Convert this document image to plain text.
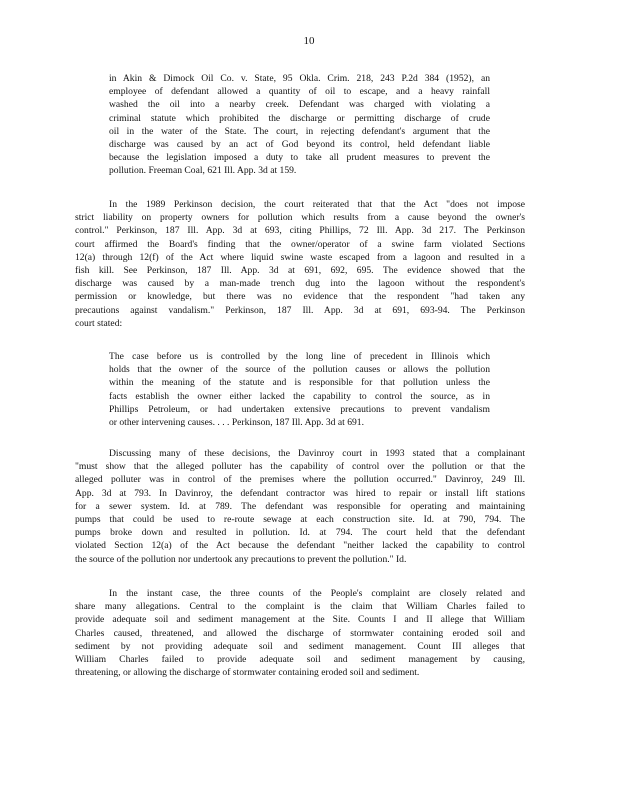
10

in Akin & Dimock Oil Co. v. State, 95 Okla. Crim. 218, 243 P.2d 384 (1952), an
employee of defendant allowed a quantity of oil to escape, and a heavy rainfall
washed the oil into a nearby creek. Defendant was charged with violating a
criminal statute which prohibited the discharge or permitting discharge of crude
oil in the water of the State. The court, in rejecting defendant's argument that the
discharge was caused by an act of God beyond its control, held defendant liable
because the legislation imposed a duty to take all prudent measures to prevent the
pollution. Freeman Coal, 621 Ill. App. 3d at 159.

In the 1989 Perkinson decision, the court reiterated that that the Act "does not impose
strict liability on property owners for pollution which results from a cause beyond the owner's
control." Perkinson, 187 Ill. App. 3d at 693, citing Phillips, 72 Ill. App. 3d 217. The Perkinson
court affirmed the Board's finding that the owner/operator of a swine farm violated Sections
12(a) through 12(f) of the Act where liquid swine waste escaped from a lagoon and resulted in a
fish kill. See Perkinson, 187 Ill. App. 3d at 691, 692, 695. The evidence showed that the
discharge was caused by a man-made trench dug into the lagoon without the respondent's
permission or knowledge, but there was no evidence that the respondent "had taken any
precautions against vandalism." Perkinson, 187 Ill. App. 3d at 691, 693-94. The Perkinson
court stated:

The case before us is controlled by the long line of precedent in Illinois which
holds that the owner of the source of the pollution causes or allows the pollution
within the meaning of the statute and is responsible for that pollution unless the
facts establish the owner either lacked the capability to control the source, as in
Phillips Petroleum, or had undertaken extensive precautions to prevent vandalism
or other intervening causes. . . . Perkinson, 187 Ill. App. 3d at 691.

Discussing many of these decisions, the Davinroy court in 1993 stated that a complainant
"must show that the alleged polluter has the capability of control over the pollution or that the
alleged polluter was in control of the premises where the pollution occurred." Davinroy, 249 Ill.
App. 3d at 793. In Davinroy, the defendant contractor was hired to repair or install lift stations
for a sewer system. Id. at 789. The defendant was responsible for operating and maintaining
pumps that could be used to re-route sewage at each construction site. Id. at 790, 794. The
pumps broke down and resulted in pollution. Id. at 794. The court held that the defendant
violated Section 12(a) of the Act because the defendant "neither lacked the capability to control
the source of the pollution nor undertook any precautions to prevent the pollution." Id.

In the instant case, the three counts of the People's complaint are closely related and
share many allegations. Central to the complaint is the claim that William Charles failed to
provide adequate soil and sediment management at the Site. Counts I and II allege that William
Charles caused, threatened, and allowed the discharge of stormwater containing eroded soil and
sediment by not providing adequate soil and sediment management. Count III alleges that
William Charles failed to provide adequate soil and sediment management by causing,
threatening, or allowing the discharge of stormwater containing eroded soil and sediment.
